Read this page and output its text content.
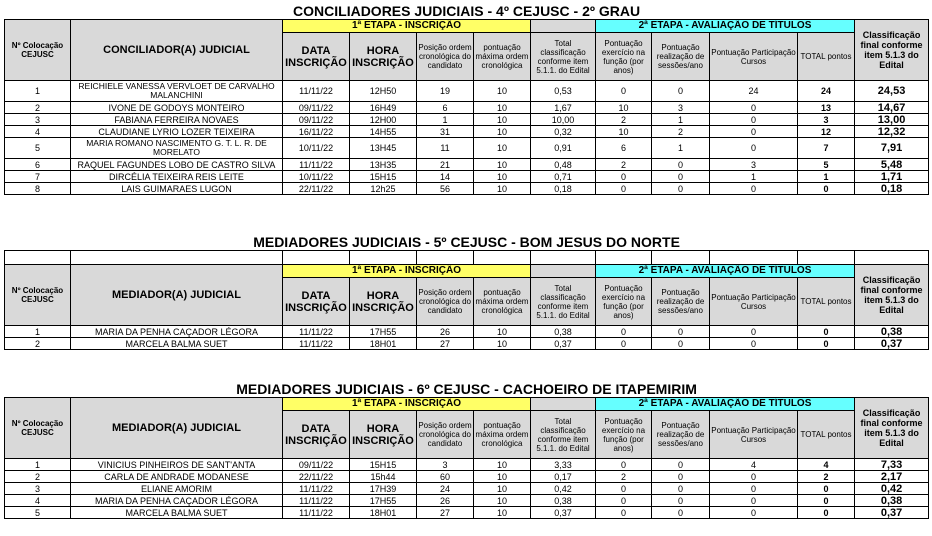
CONCILIADORES JUDICIAIS - 4º CEJUSC - 2º GRAU											
Nº Colocação CEJUSC	CONCILIADOR(A) JUDICIAL	1ª ETAPA - INSCRIÇÃO					2ª ETAPA - AVALIAÇÃO DE TÍTULOS				Classificação final conforme item 5.1.3 do Edital
		DATA INSCRIÇÃO	HORA INSCRIÇÃO	Posição ordem cronológica do candidato	pontuação máxima ordem cronológica	Total classificação conforme item 5.1.1. do Edital	Pontuação exercício na função (por anos)	Pontuação realização de sessões/ano	Pontuação Participação Cursos	TOTAL pontos	
1	REICHIELE VANESSA VERVLOET DE CARVALHO MALANCHINI	11/11/22	12H50	19	10	0,53	0	0	24	24	24,53
2	IVONE DE GODOYS MONTEIRO	09/11/22	16H49	6	10	1,67	10	3	0	13	14,67
3	FABIANA FERREIRA NOVAES	09/11/22	12H00	1	10	10,00	2	1	0	3	13,00
4	CLAUDIANE LYRIO LOZER TEIXEIRA	16/11/22	14H55	31	10	0,32	10	2	0	12	12,32
5	MARIA ROMANO NASCIMENTO G. T. L. R. DE MORELATO	10/11/22	13H45	11	10	0,91	6	1	0	7	7,91
6	RAQUEL FAGUNDES LOBO DE CASTRO SILVA	11/11/22	13H35	21	10	0,48	2	0	3	5	5,48
7	DIRCÉLIA TEIXEIRA REIS LEITE	10/11/22	15H15	14	10	0,71	0	0	1	1	1,71
8	LAIS GUIMARAES LUGON	22/11/22	12h25	56	10	0,18	0	0	0	0	0,18
MEDIADORES JUDICIAIS - 5º CEJUSC - BOM JESUS DO NORTE											

Nº Colocação CEJUSC	MEDIADOR(A) JUDICIAL	1ª ETAPA - INSCRIÇÃO					2ª ETAPA - AVALIAÇÃO DE TÍTULOS				Classificação final conforme item 5.1.3 do Edital
		DATA INSCRIÇÃO	HORA INSCRIÇÃO	Posição ordem cronológica do candidato	pontuação máxima ordem cronológica	Total classificação conforme item 5.1.1. do Edital	Pontuação exercício na função (por anos)	Pontuação realização de sessões/ano	Pontuação Participação Cursos	TOTAL pontos	
1	MARIA DA PENHA CAÇADOR LÉGORA	11/11/22	17H55	26	10	0,38	0	0	0	0	0,38
2	MARCELA BALMA SUET	11/11/22	18H01	27	10	0,37	0	0	0	0	0,37
MEDIADORES JUDICIAIS - 6º CEJUSC - CACHOEIRO DE ITAPEMIRIM											
Nº Colocação CEJUSC	MEDIADOR(A) JUDICIAL	1ª ETAPA - INSCRIÇÃO					2ª ETAPA - AVALIAÇÃO DE TÍTULOS				Classificação final conforme item 5.1.3 do Edital
		DATA INSCRIÇÃO	HORA INSCRIÇÃO	Posição ordem cronológica do candidato	pontuação máxima ordem cronológica	Total classificação conforme item 5.1.1. do Edital	Pontuação exercício na função (por anos)	Pontuação realização de sessões/ano	Pontuação Participação Cursos	TOTAL pontos	
1	VINICIUS PINHEIROS DE SANT'ANTA	09/11/22	15H15	3	10	3,33	0	0	4	4	7,33
2	CARLA DE ANDRADE MODANESE	22/11/22	15h44	60	10	0,17	2	0	0	2	2,17
3	ELIANE AMORIM	11/11/22	17H39	24	10	0,42	0	0	0	0	0,42
4	MARIA DA PENHA CAÇADOR LÉGORA	11/11/22	17H55	26	10	0,38	0	0	0	0	0,38
5	MARCELA BALMA SUET	11/11/22	18H01	27	10	0,37	0	0	0	0	0,37
